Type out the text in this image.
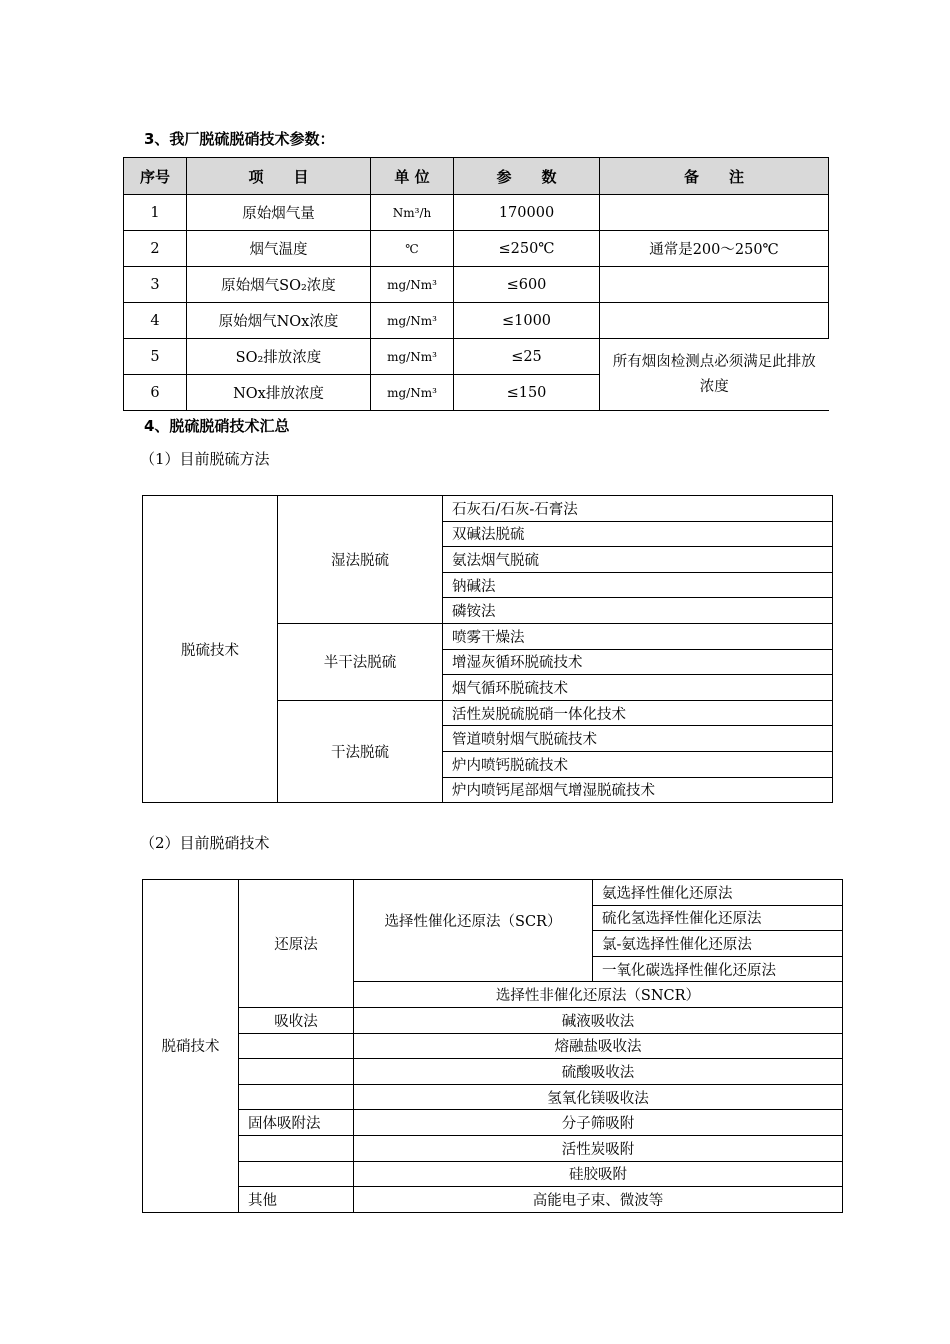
3、我厂脱硫脱硝技术参数：
序号	项　　目	单 位	参　　数	备　　注
1	原始烟气量	Nm³/h	170000	
2	烟气温度	℃	≤250℃	通常是200～250℃
3	原始烟气SO₂浓度	mg/Nm³	≤600	
4	原始烟气NOx浓度	mg/Nm³	≤1000	
5	SO₂排放浓度	mg/Nm³	≤25	所有烟囱检测点必须满足此排放浓度
6	NOx排放浓度	mg/Nm³	≤150	
4、脱硫脱硝技术汇总
（1）目前脱硫方法
脱硫技术	湿法脱硫	石灰石/石灰-石膏法
		双碱法脱硫
		氨法烟气脱硫
		钠碱法
		磷铵法
	半干法脱硫	喷雾干燥法
		增湿灰循环脱硫技术
		烟气循环脱硫技术
	干法脱硫	活性炭脱硫脱硝一体化技术
		管道喷射烟气脱硫技术
		炉内喷钙脱硫技术
		炉内喷钙尾部烟气增湿脱硫技术
（2）目前脱硝技术
脱硝技术	还原法	选择性催化还原法（SCR）	氨选择性催化还原法
			硫化氢选择性催化还原法
			氯-氨选择性催化还原法
			一氧化碳选择性催化还原法
		选择性非催化还原法（SNCR）	
	吸收法	碱液吸收法	
		熔融盐吸收法	
		硫酸吸收法	
		氢氧化镁吸收法	
	固体吸附法	分子筛吸附	
		活性炭吸附	
		硅胶吸附	
	其他	高能电子束、微波等	
